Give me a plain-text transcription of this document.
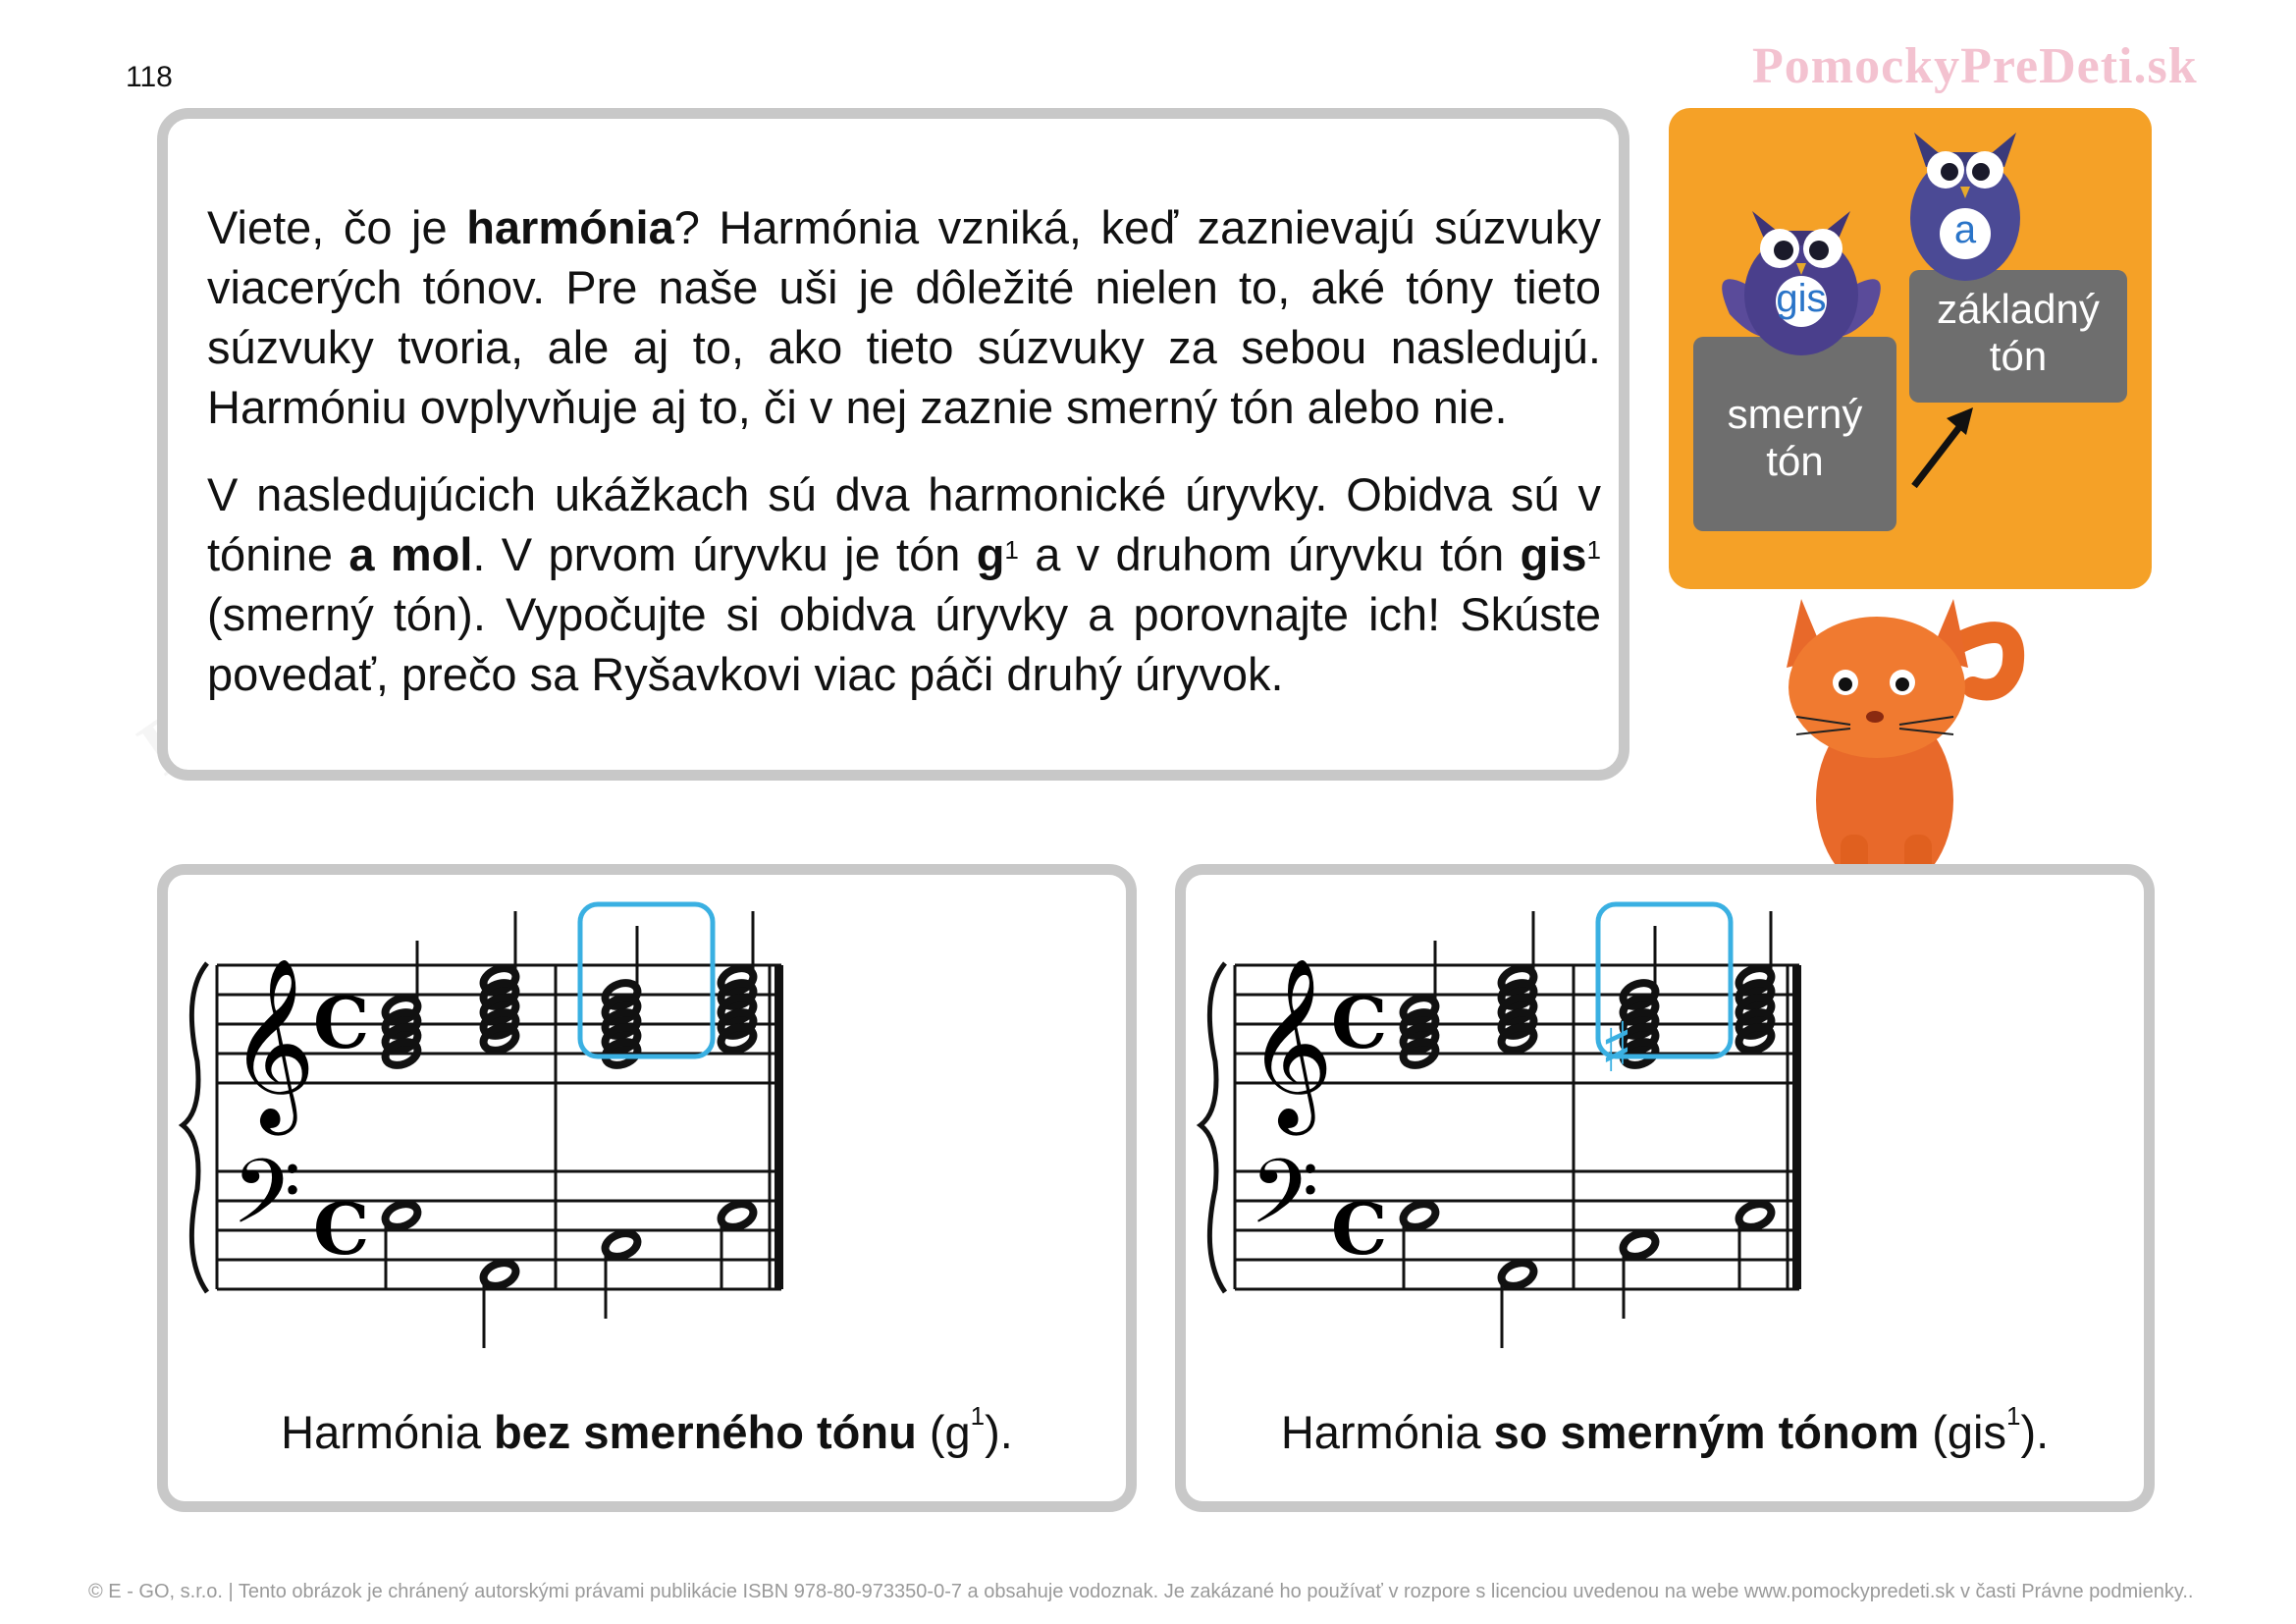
118	PomockyPreDeti.sk

Viete, čo je harmónia? Harmónia vzniká, keď zaznievajú súzvuky viacerých tónov. Pre naše uši je dôležité nielen to, aké tóny tieto súzvuky tvoria, ale aj to, ako tieto súzvuky za sebou nasledujú. Harmóniu ovplyvňuje aj to, či v nej zaznie smerný tón alebo nie.

V nasledujúcich ukážkach sú dva harmonické úryvky. Obidva sú v tónine a mol. V prvom úryvku je tón $g^1$ a v druhom úryvku tón gis$^1$ (smerný tón). Vypočujte si obidva úryvky a porovnajte ich! Skúste povedať, prečo sa Ryšavkovi viac páči druhý úryvok.

smerný
tón
základný
tón
gis
a
𝄞
𝄢
C
C
Harmónia bez smerného tónu $(g^1)$.
𝄞
𝄢
C
C
♯
Harmónia so smerným tónom (gis$^1$).
© E - GO, s.r.o. | Tento obrázok je chránený autorskými právami publikácie ISBN 978-80-973350-0-7 a obsahuje vodoznak. Je zakázané ho používať v rozpore s licenciou uvedenou na webe www.pomockypredeti.sk v časti Právne podmienky..
